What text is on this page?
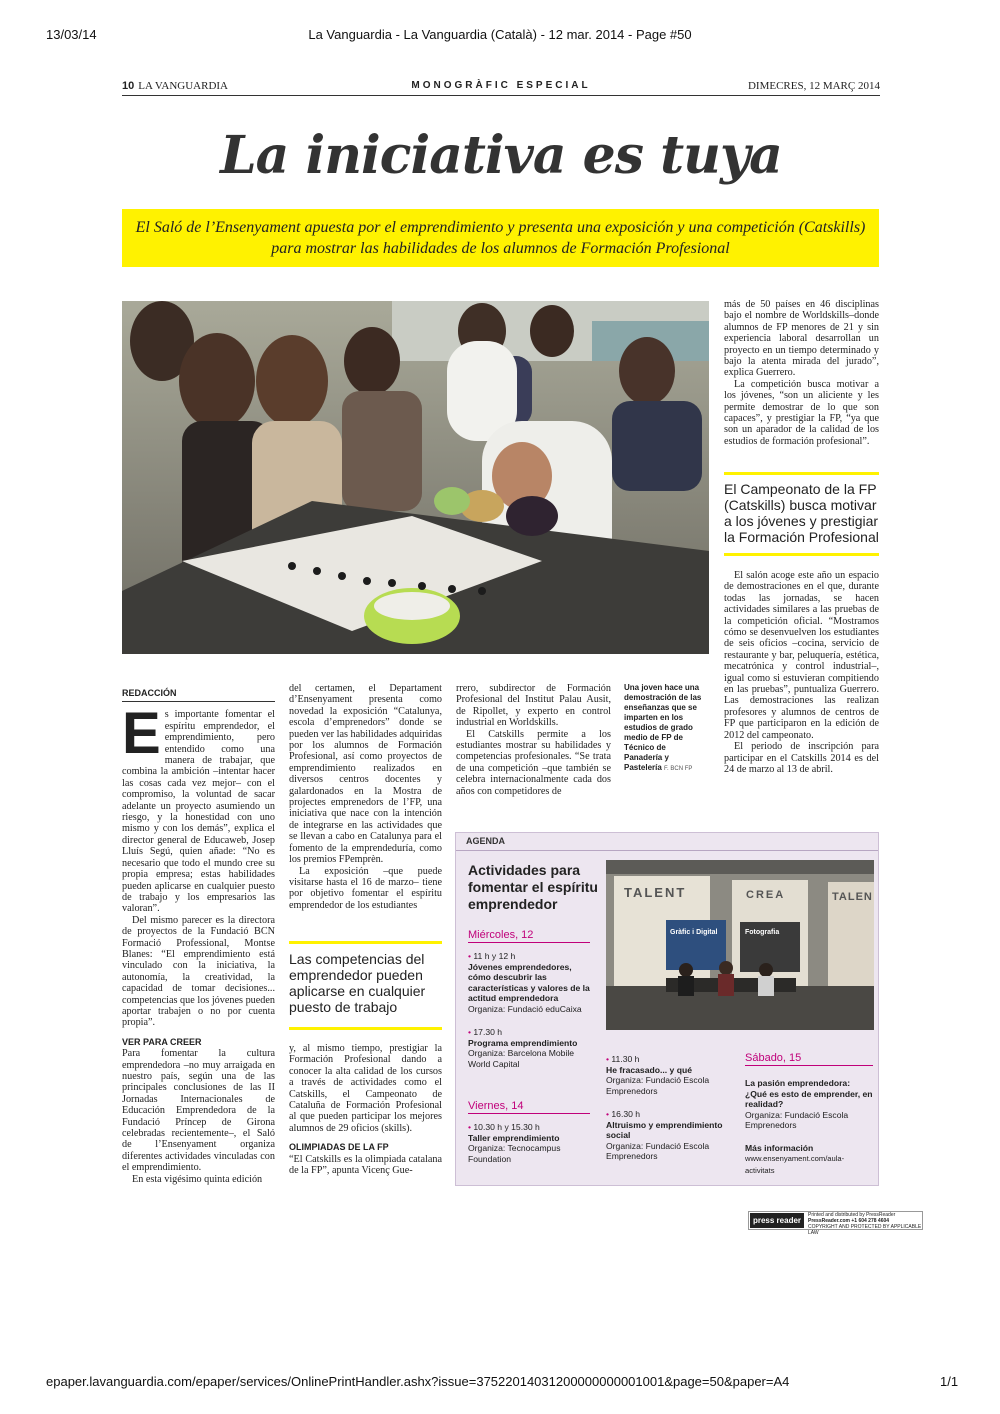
13/03/14	La Vanguardia - La Vanguardia (Català) - 12 mar. 2014 - Page #50
10 LA VANGUARDIA	MONOGRÀFIC ESPECIAL	DIMECRES, 12 MARÇ 2014
La iniciativa es tuya
El Saló de l’Ensenyament apuesta por el emprendimiento y presenta una exposición y una competición (Catskills) para mostrar las habilidades de los alumnos de Formación Profesional
REDACCIÓN
E s importante fomentar el espíritu emprendedor, el emprendimiento, pero entendido como una manera de trabajar, que combina la ambición –intentar hacer las cosas cada vez mejor– con el compromiso, la voluntad de sacar adelante un proyecto asumiendo un riesgo, y la honestidad con uno mismo y con los demás”, explica el director general de Educaweb, Josep Lluís Segú, quien añade: “No es necesario que todo el mundo cree su propia empresa; estas habilidades pueden aplicarse en cualquier puesto de trabajo y los empresarios las valoran”.

Del mismo parecer es la directora de proyectos de la Fundació BCN Formació Professional, Montse Blanes: “El emprendimiento está vinculado con la iniciativa, la autonomía, la creatividad, la capacidad de tomar decisiones... competencias que los jóvenes pueden aportar trabajen o no por cuenta propia”.

VER PARA CREER

Para fomentar la cultura emprendedora –no muy arraigada en nuestro país, según una de las principales conclusiones de las II Jornadas Internacionales de Educación Emprendedora de la Fundació Príncep de Girona celebradas recientemente–, el Saló de l’Ensenyament organiza diferentes actividades vinculadas con el emprendimiento.

En esta vigésimo quinta edición

del certamen, el Departament d’Ensenyament presenta como novedad la exposición “Catalunya, escola d’emprenedors” donde se pueden ver las habilidades adquiridas por los alumnos de Formación Profesional, así como proyectos de emprendimiento realizados en diversos centros docentes y galardonados en la Mostra de projectes emprenedors de l’FP, una iniciativa que nace con la intención de integrarse en las actividades que se llevan a cabo en Catalunya para el fomento de la emprendeduría, como los premios FPemprèn.

La exposición –que puede visitarse hasta el 16 de marzo– tiene por objetivo fomentar el espíritu emprendedor de los estudiantes

Las competencias del emprendedor pueden aplicarse en cualquier puesto de trabajo

y, al mismo tiempo, prestigiar la Formación Profesional dando a conocer la alta calidad de los cursos a través de actividades como el Catskills, el Campeonato de Cataluña de Formación Profesional al que pueden participar los mejores alumnos de 29 oficios (skills).

OLIMPIADAS DE LA FP

“El Catskills es la olimpiada catalana de la FP”, apunta Vicenç Gue-

rrero, subdirector de Formación Profesional del Institut Palau Ausit, de Ripollet, y experto en control industrial en Worldskills.

El Catskills permite a los estudiantes mostrar su habilidades y competencias profesionales. “Se trata de una competición –que también se celebra internacionalmente cada dos años con competidores de

Una joven hace una demostración de las enseñanzas que se imparten en los estudios de grado medio de FP de Técnico de Panadería y Pastelería F. BCN FP

más de 50 países en 46 disciplinas bajo el nombre de Worldskills–donde alumnos de FP menores de 21 y sin experiencia laboral desarrollan un proyecto en un tiempo determinado y bajo la atenta mirada del jurado”, explica Guerrero.

La competición busca motivar a los jóvenes, “son un aliciente y les permite demostrar de lo que son capaces”, y prestigiar la FP, “ya que son un aparador de la calidad de los estudios de formación profesional”.

El Campeonato de la FP (Catskills) busca motivar a los jóvenes y prestigiar la Formación Profesional

El salón acoge este año un espacio de demostraciones en el que, durante todas las jornadas, se hacen actividades similares a las pruebas de la competición oficial. “Mostramos cómo se desenvuelven los estudiantes de seis oficios –cocina, servicio de restaurante y bar, peluquería, estética, mecatrónica y control industrial–, igual como si estuvieran compitiendo en las pruebas”, puntualiza Guerrero. Las demostraciones las realizan profesores y alumnos de centros de FP que participaron en la edición de 2012 del campeonato.

El periodo de inscripción para participar en el Catskills 2014 es del 24 de marzo al 13 de abril.

AGENDA
Actividades para fomentar el espíritu emprendedor
TALENT	CREA	TALEN
Gràfic i Digital	Fotografia
Miércoles, 12
• 11 h y 12 h
Jóvenes emprendedores, cómo descubrir las características y valores de la actitud emprendedora
Organiza: Fundació eduCaixa
• 17.30 h
Programa emprendimiento
Organiza: Barcelona Mobile World Capital
Viernes, 14
• 10.30 h y 15.30 h
Taller emprendimiento
Organiza: Tecnocampus Foundation
• 11.30 h
He fracasado... y qué
Organiza: Fundació Escola Emprenedors
• 16.30 h
Altruismo y emprendimiento social
Organiza: Fundació Escola Emprenedors
Sábado, 15
La pasión emprendedora: ¿Qué es esto de emprender, en realidad?
Organiza: Fundació Escola Emprenedors
Más información
www.ensenyament.com/aula-activitats
press reader
Printed and distributed by PressReader
PressReader.com +1 604 278 4604
COPYRIGHT AND PROTECTED BY APPLICABLE LAW
epaper.lavanguardia.com/epaper/services/OnlinePrintHandler.ashx?issue=37522014031200000000001001&page=50&paper=A4	1/1
